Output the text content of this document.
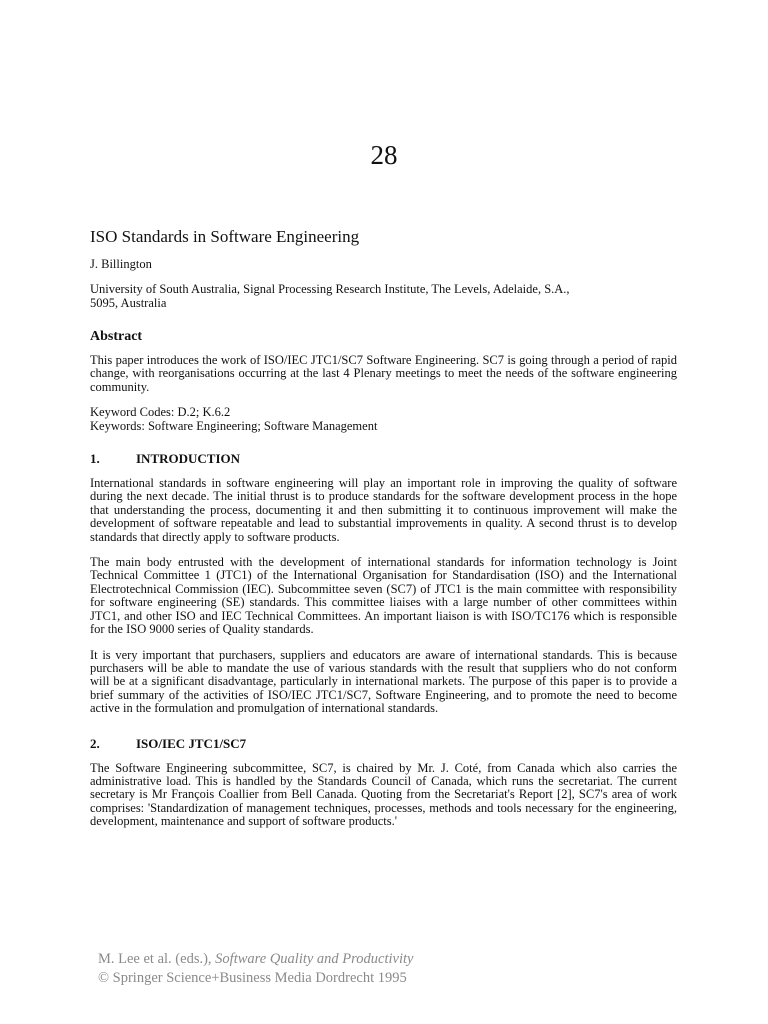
28
ISO Standards in Software Engineering
J. Billington
University of South Australia, Signal Processing Research Institute, The Levels, Adelaide, S.A.,
5095, Australia
Abstract

This paper introduces the work of ISO/IEC JTC1/SC7 Software Engineering. SC7 is going through a period of rapid change, with reorganisations occurring at the last 4 Plenary meetings to meet the needs of the software engineering community.

Keyword Codes: D.2; K.6.2
Keywords: Software Engineering; Software Management
1.	INTRODUCTION

International standards in software engineering will play an important role in improving the quality of software during the next decade. The initial thrust is to produce standards for the software development process in the hope that understanding the process, documenting it and then submitting it to continuous improvement will make the development of software repeatable and lead to substantial improvements in quality. A second thrust is to develop standards that directly apply to software products.

The main body entrusted with the development of international standards for information technology is Joint Technical Committee 1 (JTC1) of the International Organisation for Standardisation (ISO) and the International Electrotechnical Commission (IEC). Subcommittee seven (SC7) of JTC1 is the main committee with responsibility for software engineering (SE) standards. This committee liaises with a large number of other committees within JTC1, and other ISO and IEC Technical Committees. An important liaison is with ISO/TC176 which is responsible for the ISO 9000 series of Quality standards.

It is very important that purchasers, suppliers and educators are aware of international standards. This is because purchasers will be able to mandate the use of various standards with the result that suppliers who do not conform will be at a significant disadvantage, particularly in international markets. The purpose of this paper is to provide a brief summary of the activities of ISO/IEC JTC1/SC7, Software Engineering, and to promote the need to become active in the formulation and promulgation of international standards.

2.	ISO/IEC JTC1/SC7

The Software Engineering subcommittee, SC7, is chaired by Mr. J. Coté, from Canada which also carries the administrative load. This is handled by the Standards Council of Canada, which runs the secretariat. The current secretary is Mr François Coallier from Bell Canada. Quoting from the Secretariat's Report [2], SC7's area of work comprises: 'Standardization of management techniques, processes, methods and tools necessary for the engineering, development, maintenance and support of software products.'

M. Lee et al. (eds.), Software Quality and Productivity
© Springer Science+Business Media Dordrecht 1995
